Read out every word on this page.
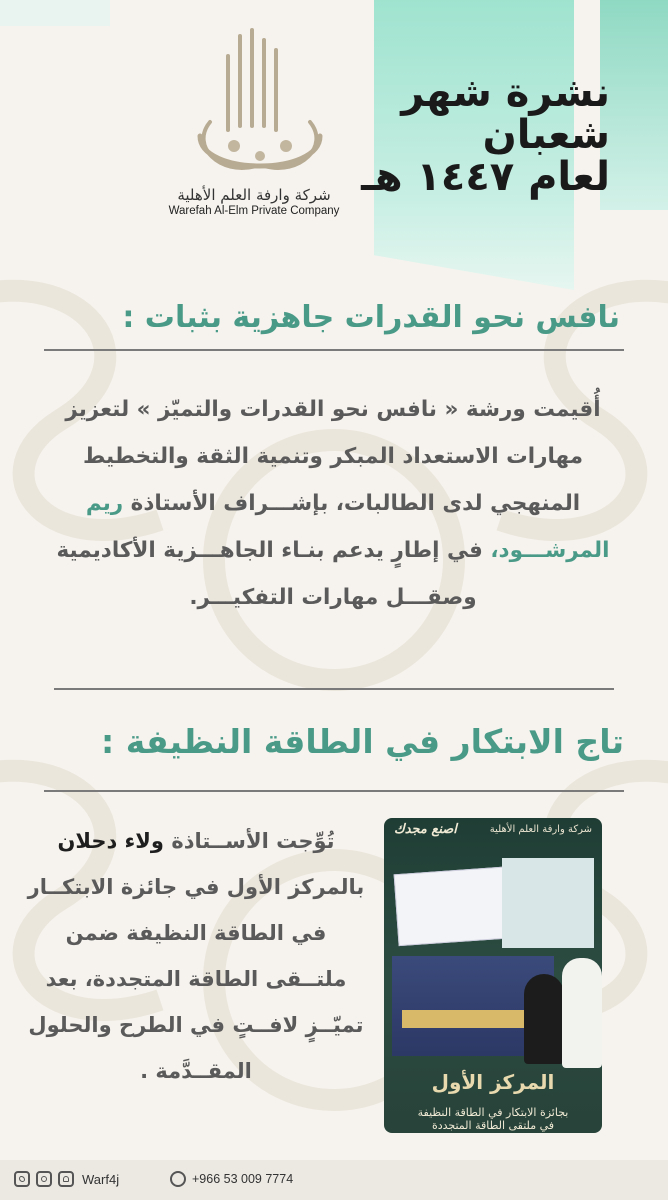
نشرة شهر
شعبان
لعام ١٤٤٧ هـ
شركة وارفة العلم الأهلية
Warefah Al-Elm Private Company
نافس نحو القدرات جاهزية بثبات :
أُقيمت ورشة « نافس نحو القدرات والتميّز » لتعزيز مهارات الاستعداد المبكر وتنمية الثقة والتخطيط المنهجي لدى الطالبات، بإشـــراف الأستاذة ريم المرشـــود، في إطارٍ يدعم بنـاء الجاهـــزية الأكاديمية وصقـــل مهارات التفكيـــر.
تاج الابتكار في الطاقة النظيفة :
تُوِّجت الأســتاذة ولاء دحلان بالمركز الأول في جائزة الابتكــار في الطاقة النظيفة ضمن ملتــقى الطاقة المتجددة، بعد تميّــزٍ لافــتٍ في الطرح والحلول المقــدَّمة .
اصنع مجدك	شركة وارفة العلم الأهلية
المركز الأول
بجائزة الابتكار في الطاقة النظيفة
في ملتقى الطاقة المتجددة
Warf4j	+966 53 009 7774
